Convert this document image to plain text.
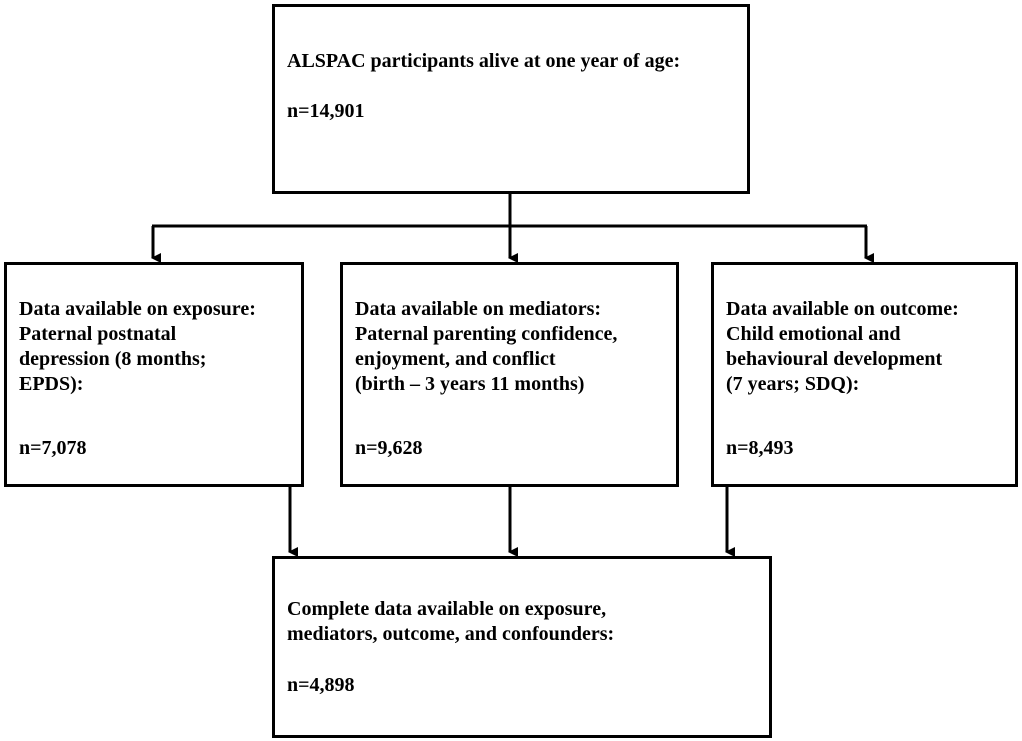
ALSPAC participants alive at one year of age:
n=14,901
Data available on exposure:
Paternal postnatal
depression (8 months;
EPDS):
n=7,078
Data available on mediators:
Paternal parenting confidence,
enjoyment, and conflict
(birth – 3 years 11 months)
n=9,628
Data available on outcome:
Child emotional and
behavioural development
(7 years; SDQ):
n=8,493
Complete data available on exposure,
mediators, outcome, and confounders:
n=4,898
